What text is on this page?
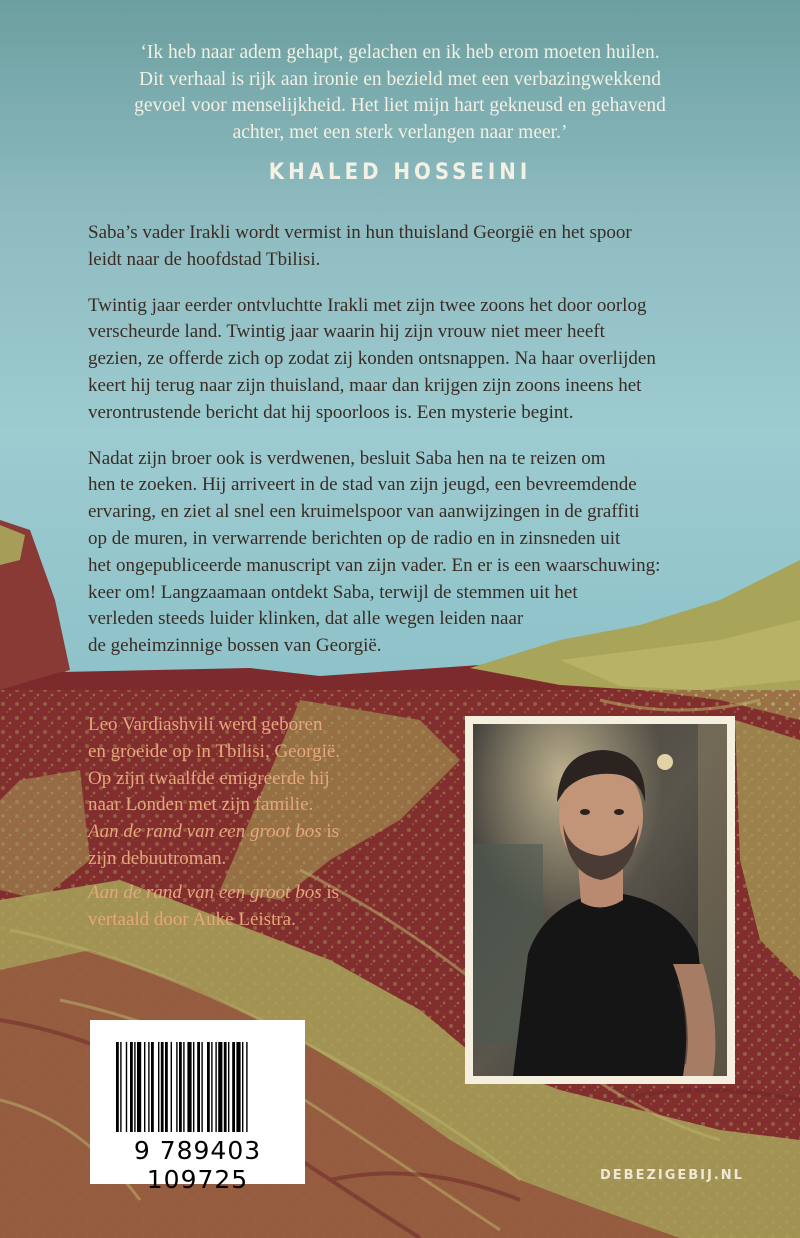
‘Ik heb naar adem gehapt, gelachen en ik heb erom moeten huilen.
Dit verhaal is rijk aan ironie en bezield met een verbazingwekkend
gevoel voor menselijkheid. Het liet mijn hart gekneusd en gehavend
achter, met een sterk verlangen naar meer.’
KHALED HOSSEINI

Saba’s vader Irakli wordt vermist in hun thuisland Georgië en het spoor
leidt naar de hoofdstad Tbilisi.

Twintig jaar eerder ontvluchtte Irakli met zijn twee zoons het door oorlog
verscheurde land. Twintig jaar waarin hij zijn vrouw niet meer heeft
gezien, ze offerde zich op zodat zij konden ontsnappen. Na haar overlijden
keert hij terug naar zijn thuisland, maar dan krijgen zijn zoons ineens het
verontrustende bericht dat hij spoorloos is. Een mysterie begint.

Nadat zijn broer ook is verdwenen, besluit Saba hen na te reizen om
hen te zoeken. Hij arriveert in de stad van zijn jeugd, een bevreemdende
ervaring, en ziet al snel een kruimelspoor van aanwijzingen in de graffiti
op de muren, in verwarrende berichten op de radio en in zinsneden uit
het ongepubliceerde manuscript van zijn vader. En er is een waarschuwing:
keer om! Langzaamaan ontdekt Saba, terwijl de stemmen uit het
verleden steeds luider klinken, dat alle wegen leiden naar
de geheimzinnige bossen van Georgië.

Leo Vardiashvili werd geboren
en groeide op in Tbilisi, Georgië.
Op zijn twaalfde emigreerde hij
naar Londen met zijn familie.
Aan de rand van een groot bos is
zijn debuutroman.

Aan de rand van een groot bos is
vertaald door Auke Leistra.

9 789403 109725	DEBEZIGEBIJ.NL
